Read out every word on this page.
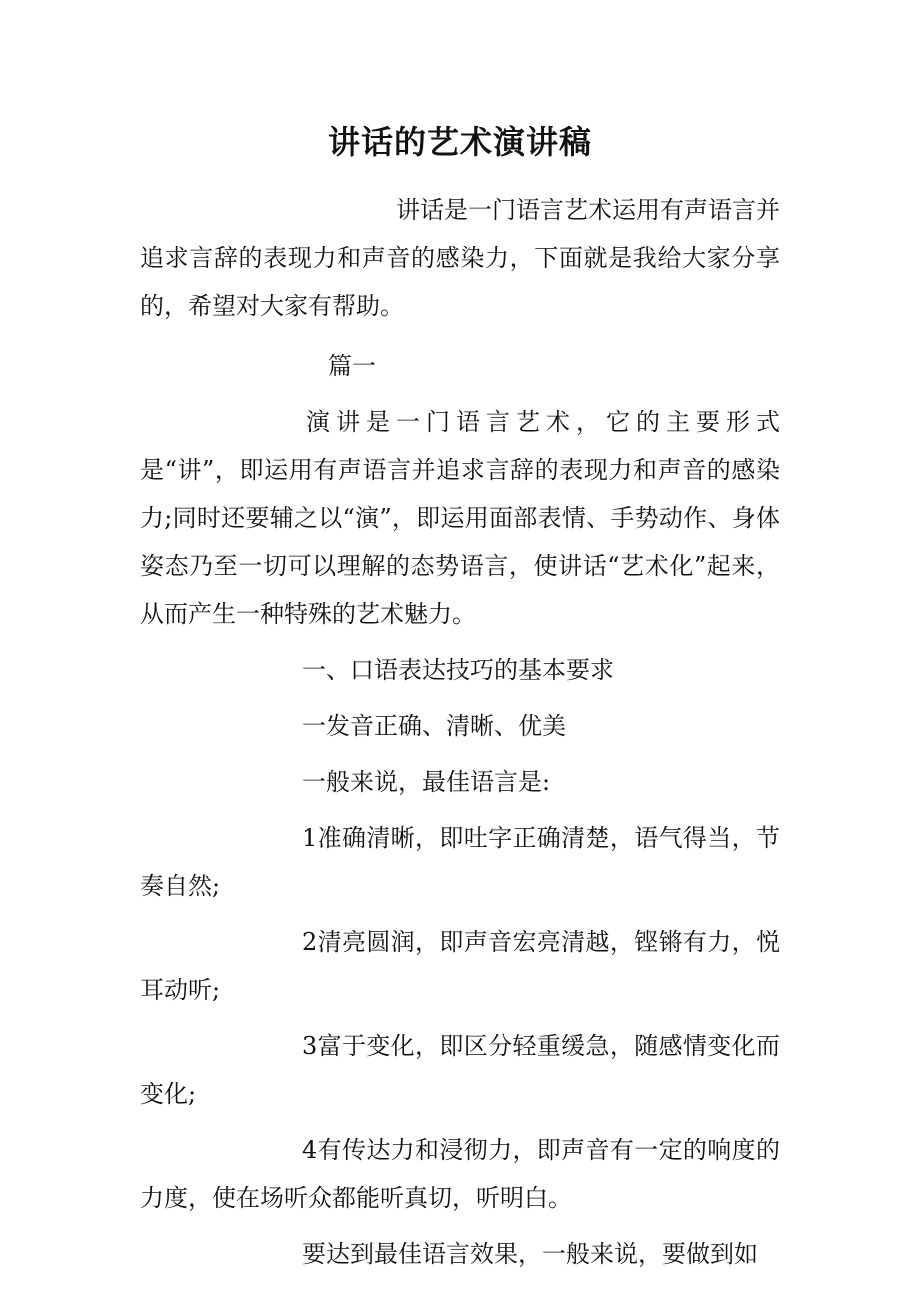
讲话的艺术演讲稿

讲话是一门语言艺术运用有声语言并追求言辞的表现力和声音的感染力，下面就是我给大家分享的，希望对大家有帮助。

篇一

演讲是一门语言艺术，它的主要形式是“讲”，即运用有声语言并追求言辞的表现力和声音的感染力;同时还要辅之以“演”，即运用面部表情、手势动作、身体姿态乃至一切可以理解的态势语言，使讲话“艺术化”起来，从而产生一种特殊的艺术魅力。

一、口语表达技巧的基本要求

一发音正确、清晰、优美

一般来说，最佳语言是:

1准确清晰，即吐字正确清楚，语气得当，节奏自然;

2清亮圆润，即声音宏亮清越，铿锵有力，悦耳动听;

3富于变化，即区分轻重缓急，随感情变化而变化;

4有传达力和浸彻力，即声音有一定的响度的力度，使在场听众都能听真切，听明白。

要达到最佳语言效果，一般来说，要做到如
